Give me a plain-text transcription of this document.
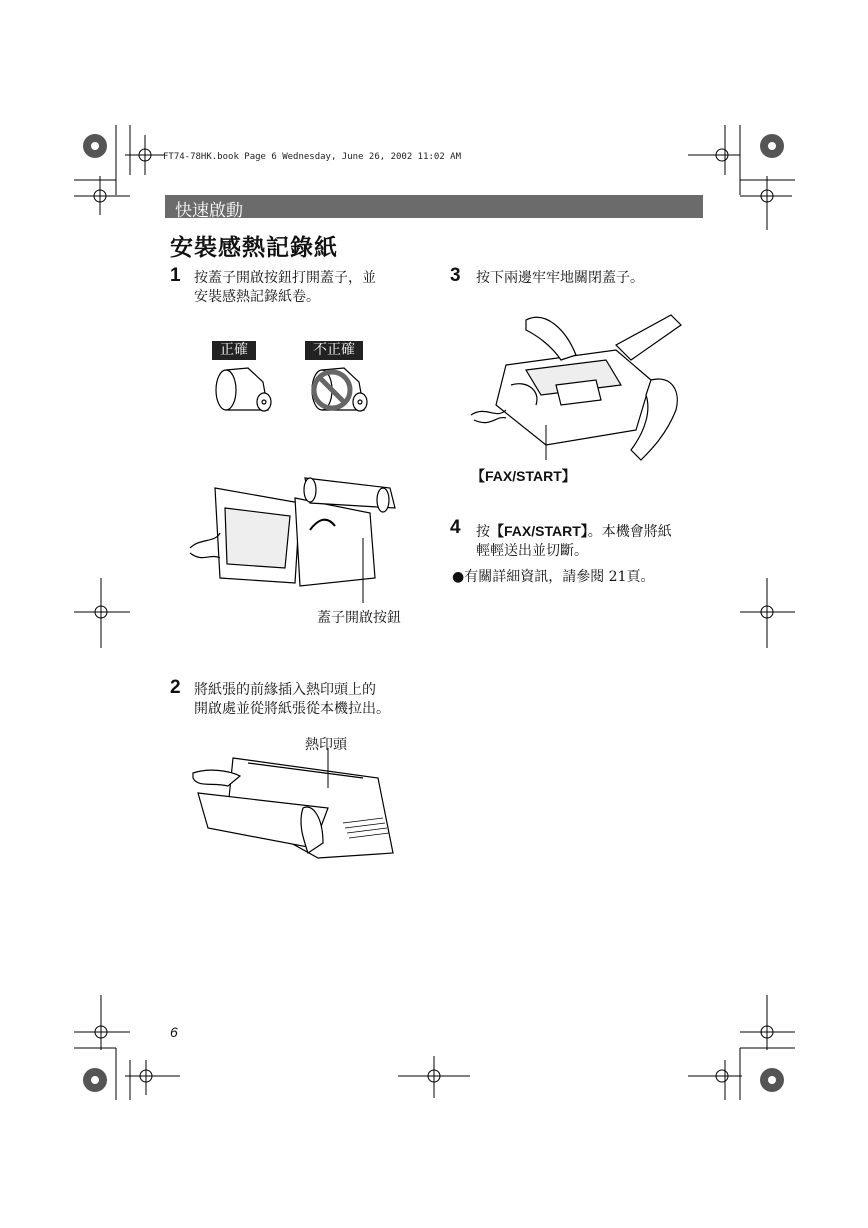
FT74-78HK.book Page 6 Wednesday, June 26, 2002 11:02 AM
快速啟動
安裝感熱記錄紙
1 按蓋子開啟按鈕打開蓋子，並
安裝感熱記錄紙卷。
正確	不正確
蓋子開啟按鈕
2 將紙張的前緣插入熱印頭上的
開啟處並從將紙張從本機拉出。
熱印頭
3 按下兩邊牢牢地關閉蓋子。
【FAX/START】
4 按【FAX/START】。本機會將紙
輕輕送出並切斷。
●有關詳細資訊，請參閱 21頁。
6
